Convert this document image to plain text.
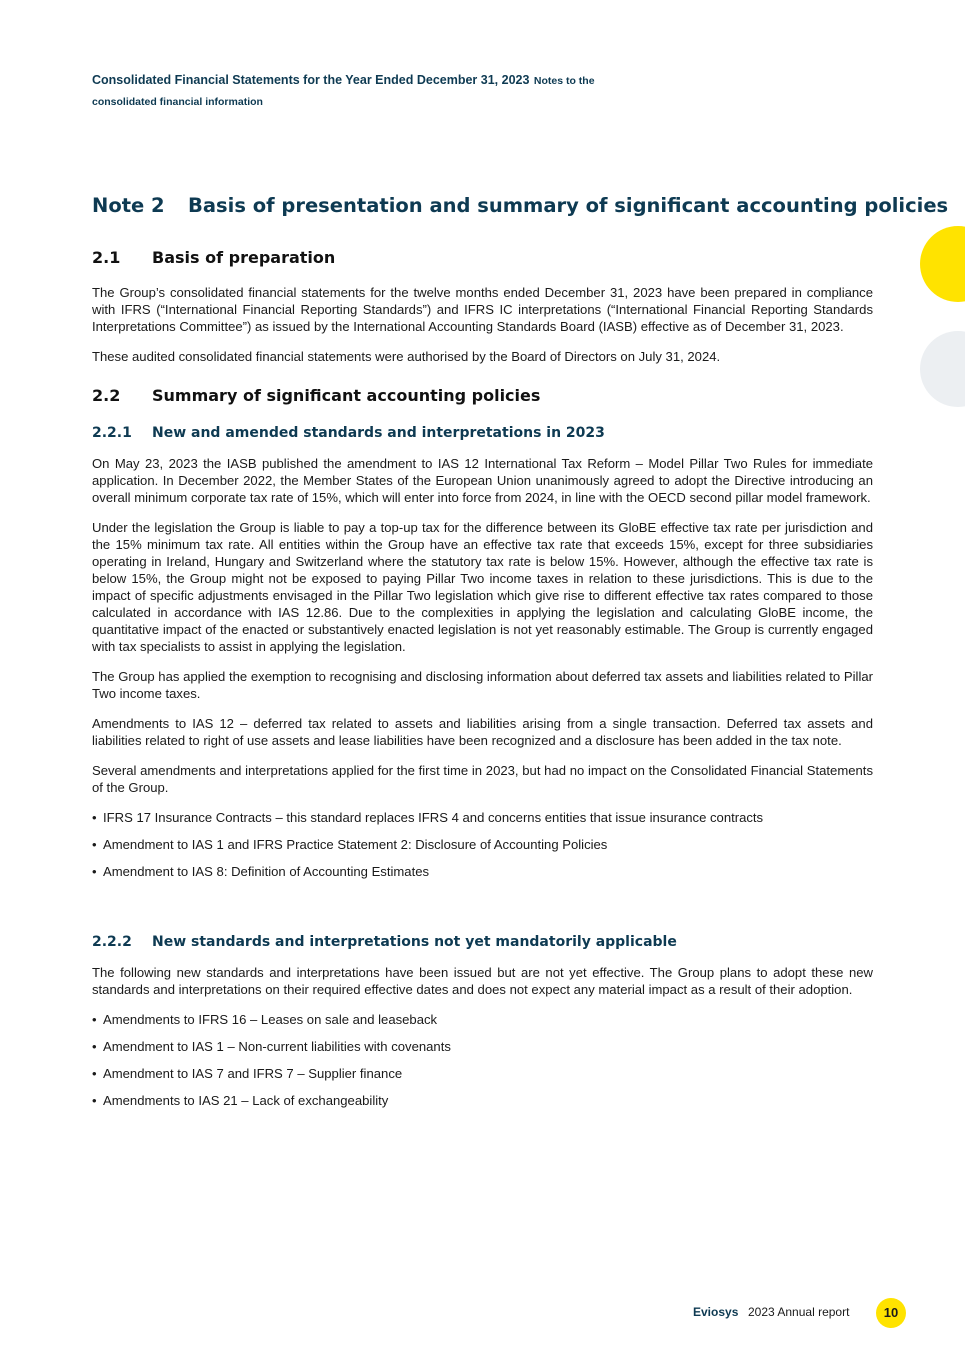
Consolidated Financial Statements for the Year Ended December 31, 2023 Notes to the
consolidated financial information
Note 2	Basis of presentation and summary of significant accounting policies
2.1	Basis of preparation

The Group’s consolidated financial statements for the twelve months ended December 31, 2023 have been prepared in compliance with IFRS (“International Financial Reporting Standards”) and IFRS IC interpretations (“International Financial Reporting Standards Interpretations Committee”) as issued by the International Accounting Standards Board (IASB) effective as of December 31, 2023.

These audited consolidated financial statements were authorised by the Board of Directors on July 31, 2024.

2.2	Summary of significant accounting policies
2.2.1	New and amended standards and interpretations in 2023

On May 23, 2023 the IASB published the amendment to IAS 12 International Tax Reform – Model Pillar Two Rules for immediate application. In December 2022, the Member States of the European Union unanimously agreed to adopt the Directive introducing an overall minimum corporate tax rate of 15%, which will enter into force from 2024, in line with the OECD second pillar model framework.

Under the legislation the Group is liable to pay a top-up tax for the difference between its GloBE effective tax rate per jurisdiction and the 15% minimum tax rate. All entities within the Group have an effective tax rate that exceeds 15%, except for three subsidiaries operating in Ireland, Hungary and Switzerland where the statutory tax rate is below 15%. However, although the effective tax rate is below 15%, the Group might not be exposed to paying Pillar Two income taxes in relation to these jurisdictions. This is due to the impact of specific adjustments envisaged in the Pillar Two legislation which give rise to different effective tax rates compared to those calculated in accordance with IAS 12.86. Due to the complexities in applying the legislation and calculating GloBE income, the quantitative impact of the enacted or substantively enacted legislation is not yet reasonably estimable. The Group is currently engaged with tax specialists to assist in applying the legislation.

The Group has applied the exemption to recognising and disclosing information about deferred tax assets and liabilities related to Pillar Two income taxes.

Amendments to IAS 12 – deferred tax related to assets and liabilities arising from a single transaction. Deferred tax assets and liabilities related to right of use assets and lease liabilities have been recognized and a disclosure has been added in the tax note.

Several amendments and interpretations applied for the first time in 2023, but had no impact on the Consolidated Financial Statements of the Group.

• IFRS 17 Insurance Contracts – this standard replaces IFRS 4 and concerns entities that issue insurance contracts
• Amendment to IAS 1 and IFRS Practice Statement 2: Disclosure of Accounting Policies
• Amendment to IAS 8: Definition of Accounting Estimates
2.2.2	New standards and interpretations not yet mandatorily applicable

The following new standards and interpretations have been issued but are not yet effective. The Group plans to adopt these new standards and interpretations on their required effective dates and does not expect any material impact as a result of their adoption.

• Amendments to IFRS 16 – Leases on sale and leaseback
• Amendment to IAS 1 – Non-current liabilities with covenants
• Amendment to IAS 7 and IFRS 7 – Supplier finance
• Amendments to IAS 21 – Lack of exchangeability
Eviosys 2023 Annual report	10
